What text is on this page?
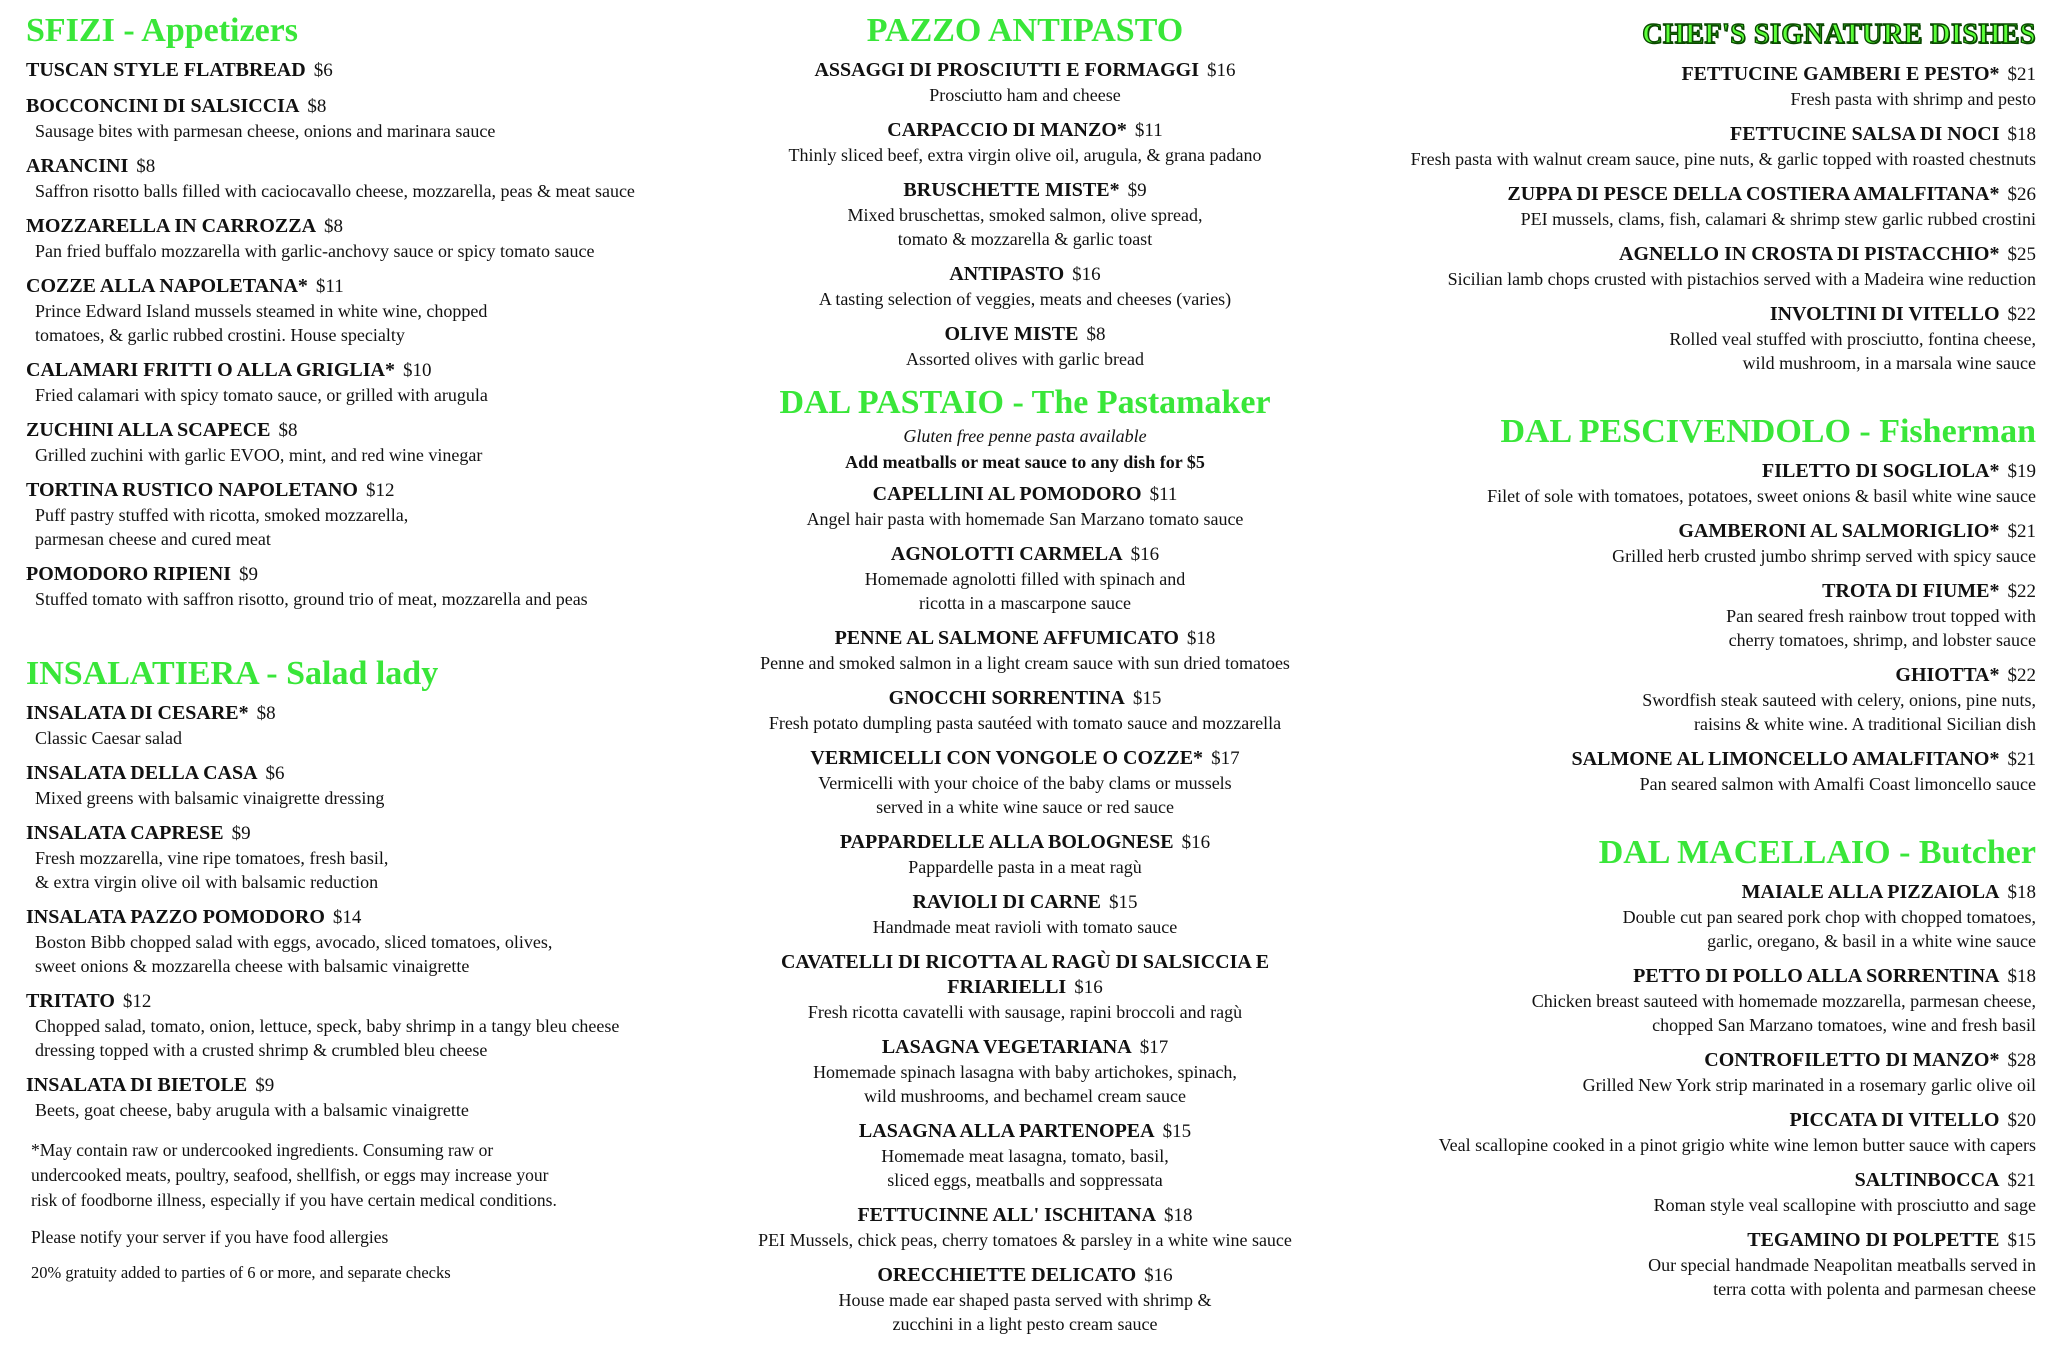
SFIZI - Appetizers
TUSCAN STYLE FLATBREAD $6
BOCCONCINI DI SALSICCIA $8
Sausage bites with parmesan cheese, onions and marinara sauce
ARANCINI $8
Saffron risotto balls filled with caciocavallo cheese, mozzarella, peas & meat sauce
MOZZARELLA IN CARROZZA $8
Pan fried buffalo mozzarella with garlic-anchovy sauce or spicy tomato sauce
COZZE ALLA NAPOLETANA* $11
Prince Edward Island mussels steamed in white wine, chopped
tomatoes, & garlic rubbed crostini. House specialty
CALAMARI FRITTI O ALLA GRIGLIA* $10
Fried calamari with spicy tomato sauce, or grilled with arugula
ZUCHINI ALLA SCAPECE $8
Grilled zuchini with garlic EVOO, mint, and red wine vinegar
TORTINA RUSTICO NAPOLETANO $12
Puff pastry stuffed with ricotta, smoked mozzarella,
parmesan cheese and cured meat
POMODORO RIPIENI $9
Stuffed tomato with saffron risotto, ground trio of meat, mozzarella and peas
INSALATIERA - Salad lady
INSALATA DI CESARE* $8
Classic Caesar salad
INSALATA DELLA CASA $6
Mixed greens with balsamic vinaigrette dressing
INSALATA CAPRESE $9
Fresh mozzarella, vine ripe tomatoes, fresh basil,
& extra virgin olive oil with balsamic reduction
INSALATA PAZZO POMODORO $14
Boston Bibb chopped salad with eggs, avocado, sliced tomatoes, olives,
sweet onions & mozzarella cheese with balsamic vinaigrette
TRITATO $12
Chopped salad, tomato, onion, lettuce, speck, baby shrimp in a tangy bleu cheese
dressing topped with a crusted shrimp & crumbled bleu cheese
INSALATA DI BIETOLE $9
Beets, goat cheese, baby arugula with a balsamic vinaigrette
*May contain raw or undercooked ingredients. Consuming raw or
undercooked meats, poultry, seafood, shellfish, or eggs may increase your
risk of foodborne illness, especially if you have certain medical conditions.
Please notify your server if you have food allergies
20% gratuity added to parties of 6 or more, and separate checks
PAZZO ANTIPASTO
ASSAGGI DI PROSCIUTTI E FORMAGGI $16
Prosciutto ham and cheese
CARPACCIO DI MANZO* $11
Thinly sliced beef, extra virgin olive oil, arugula, & grana padano
BRUSCHETTE MISTE* $9
Mixed bruschettas, smoked salmon, olive spread,
tomato & mozzarella & garlic toast
ANTIPASTO $16
A tasting selection of veggies, meats and cheeses (varies)
OLIVE MISTE $8
Assorted olives with garlic bread
DAL PASTAIO - The Pastamaker
Gluten free penne pasta available
Add meatballs or meat sauce to any dish for $5
CAPELLINI AL POMODORO $11
Angel hair pasta with homemade San Marzano tomato sauce
AGNOLOTTI CARMELA $16
Homemade agnolotti filled with spinach and
ricotta in a mascarpone sauce
PENNE AL SALMONE AFFUMICATO $18
Penne and smoked salmon in a light cream sauce with sun dried tomatoes
GNOCCHI SORRENTINA $15
Fresh potato dumpling pasta sautéed with tomato sauce and mozzarella
VERMICELLI CON VONGOLE O COZZE* $17
Vermicelli with your choice of the baby clams or mussels
served in a white wine sauce or red sauce
PAPPARDELLE ALLA BOLOGNESE $16
Pappardelle pasta in a meat ragù
RAVIOLI DI CARNE $15
Handmade meat ravioli with tomato sauce
CAVATELLI DI RICOTTA AL RAGÙ DI SALSICCIA E FRIARIELLI $16
Fresh ricotta cavatelli with sausage, rapini broccoli and ragù
LASAGNA VEGETARIANA $17
Homemade spinach lasagna with baby artichokes, spinach,
wild mushrooms, and bechamel cream sauce
LASAGNA ALLA PARTENOPEA $15
Homemade meat lasagna, tomato, basil,
sliced eggs, meatballs and soppressata
FETTUCINNE ALL' ISCHITANA $18
PEI Mussels, chick peas, cherry tomatoes & parsley in a white wine sauce
ORECCHIETTE DELICATO $16
House made ear shaped pasta served with shrimp &
zucchini in a light pesto cream sauce
CHEF'S SIGNATURE DISHES
FETTUCINE GAMBERI E PESTO* $21
Fresh pasta with shrimp and pesto
FETTUCINE SALSA DI NOCI $18
Fresh pasta with walnut cream sauce, pine nuts, & garlic topped with roasted chestnuts
ZUPPA DI PESCE DELLA COSTIERA AMALFITANA* $26
PEI mussels, clams, fish, calamari & shrimp stew garlic rubbed crostini
AGNELLO IN CROSTA DI PISTACCHIO* $25
Sicilian lamb chops crusted with pistachios served with a Madeira wine reduction
INVOLTINI DI VITELLO $22
Rolled veal stuffed with prosciutto, fontina cheese,
wild mushroom, in a marsala wine sauce
DAL PESCIVENDOLO - Fisherman
FILETTO DI SOGLIOLA* $19
Filet of sole with tomatoes, potatoes, sweet onions & basil white wine sauce
GAMBERONI AL SALMORIGLIO* $21
Grilled herb crusted jumbo shrimp served with spicy sauce
TROTA DI FIUME* $22
Pan seared fresh rainbow trout topped with
cherry tomatoes, shrimp, and lobster sauce
GHIOTTA* $22
Swordfish steak sauteed with celery, onions, pine nuts,
raisins & white wine. A traditional Sicilian dish
SALMONE AL LIMONCELLO AMALFITANO* $21
Pan seared salmon with Amalfi Coast limoncello sauce
DAL MACELLAIO - Butcher
MAIALE ALLA PIZZAIOLA $18
Double cut pan seared pork chop with chopped tomatoes,
garlic, oregano, & basil in a white wine sauce
PETTO DI POLLO ALLA SORRENTINA $18
Chicken breast sauteed with homemade mozzarella, parmesan cheese,
chopped San Marzano tomatoes, wine and fresh basil
CONTROFILETTO DI MANZO* $28
Grilled New York strip marinated in a rosemary garlic olive oil
PICCATA DI VITELLO $20
Veal scallopine cooked in a pinot grigio white wine lemon butter sauce with capers
SALTINBOCCA $21
Roman style veal scallopine with prosciutto and sage
TEGAMINO DI POLPETTE $15
Our special handmade Neapolitan meatballs served in
terra cotta with polenta and parmesan cheese
